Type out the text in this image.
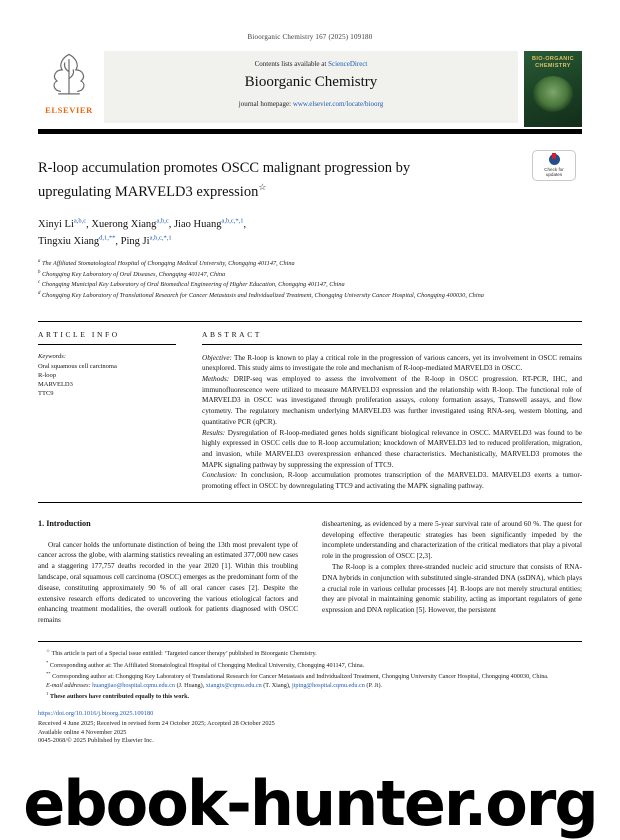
Bioorganic Chemistry 167 (2025) 109180
ELSEVIER
Contents lists available at ScienceDirect
Bioorganic Chemistry
journal homepage: www.elsevier.com/locate/bioorg
BIO-ORGANIC
CHEMISTRY
Check for
updates
R-loop accumulation promotes OSCC malignant progression by
upregulating MARVELD3 expression☆
Xinyi Li$^{a,b,c}$, Xuerong Xiang$^{a,b,c}$, Jiao Huang$^{a,b,c,*,1}$,
Tingxiu Xiang$^{d,1,**}$, Ping $Ji^{a,b,c,*,1}$
$^a$ The Affiliated Stomatological Hospital of Chongqing Medical University, Chongqing 401147, China
$^b$ Chongqing Key Laboratory of Oral Diseases, Chongqing 401147, China
$^c$ Chongqing Municipal Key Laboratory of Oral Biomedical Engineering of Higher Education, Chongqing 401147, China
$^d$ Chongqing Key Laboratory of Translational Research for Cancer Metastasis and Individualized Treatment, Chongqing University Cancer Hospital, Chongqing 400030, China
ARTICLE INFO
Keywords:
Oral squamous cell carcinoma
R-loop
MARVELD3
TTC9
ABSTRACT

Objective: The R-loop is known to play a critical role in the progression of various cancers, yet its involvement in OSCC remains unexplored. This study aims to investigate the role and mechanism of R-loop-mediated MARVELD3 in OSCC.

Methods: DRIP-seq was employed to assess the involvement of the R-loop in OSCC progression. RT-PCR, IHC, and immunofluorescence were utilized to measure MARVELD3 expression and the relationship with R-loop. The functional role of MARVELD3 in OSCC was investigated through proliferation assays, colony formation assays, Transwell assays, and flow cytometry. The regulatory mechanism underlying MARVELD3 was further investigated using RNA-seq, western blotting, and quantitative PCR (qPCR).

Results: Dysregulation of R-loop-mediated genes holds significant biological relevance in OSCC. MARVELD3 was found to be highly expressed in OSCC cells due to R-loop accumulation; knockdown of MARVELD3 led to reduced proliferation, migration, and invasion, while MARVELD3 overexpression enhanced these characteristics. Mechanistically, MARVELD3 promotes the MAPK signaling pathway by suppressing the expression of TTC9.

Conclusion: In conclusion, R-loop accumulation promotes transcription of the MARVELD3. MARVELD3 exerts a tumor-promoting effect in OSCC by downregulating TTC9 and activating the MAPK signaling pathway.

1. Introduction

Oral cancer holds the unfortunate distinction of being the 13th most prevalent type of cancer across the globe, with alarming statistics revealing an estimated 377,000 new cases and a staggering 177,757 deaths recorded in the year 2020 [1]. Within this troubling landscape, oral squamous cell carcinoma (OSCC) emerges as the predominant form of the disease, constituting approximately 90 % of all oral cancer cases [2]. Despite the extensive research efforts dedicated to uncovering the various etiological factors and enhancing treatment modalities, the overall outlook for patients diagnosed with OSCC remains

disheartening, as evidenced by a mere 5-year survival rate of around 60 %. The quest for developing effective therapeutic strategies has been significantly impeded by the incomplete understanding and characterization of the critical mediators that play a pivotal role in the progression of OSCC [2,3].

The R-loop is a complex three-stranded nucleic acid structure that consists of RNA-DNA hybrids in conjunction with substituted single-stranded DNA (ssDNA), which plays a crucial role in various cellular processes [4]. R-loops are not merely structural entities; they are pivotal in maintaining genomic stability, acting as important regulators of gene expression and DNA replication [5]. However, the persistent

☆ This article is part of a Special issue entitled: ‘Targeted cancer therapy’ published in Bioorganic Chemistry.
* Corresponding author at: The Affiliated Stomatological Hospital of Chongqing Medical University, Chongqing 401147, China.
** Corresponding author at: Chongqing Key Laboratory of Translational Research for Cancer Metastasis and Individualized Treatment, Chongqing University Cancer Hospital, Chongqing 400030, China.
E-mail addresses: huangjiao@hospital.cqmu.edu.cn (J. Huang), xiangtx@cqmu.edu.cn (T. Xiang), jiping@hospital.cqmu.edu.cn (P. Ji).
$^1$ These authors have contributed equally to this work.
https://doi.org/10.1016/j.bioorg.2025.109180
Received 4 June 2025; Received in revised form 24 October 2025; Accepted 28 October 2025
Available online 4 November 2025
0045-2068/© 2025 Published by Elsevier Inc.
ebook-hunter.org
